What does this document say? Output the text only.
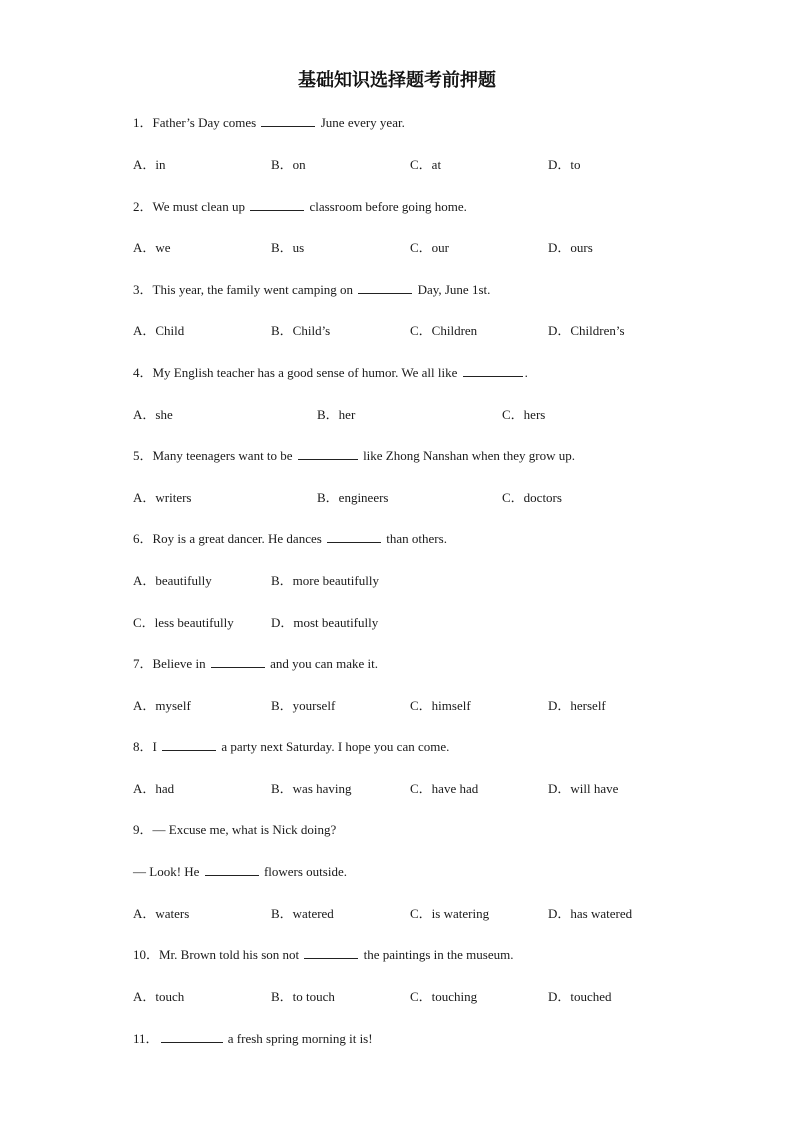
基础知识选择题考前押题
1．Father’s Day comes	June every year.
A．in	B．on	C．at	D．to
2．We must clean up	classroom before going home.
A．we	B．us	C．our	D．ours
3．This year, the family went camping on	Day, June 1st.
A．Child	B．Child’s	C．Children	D．Children’s
4．My English teacher has a good sense of humor. We all like	.
A．she	B．her	C．hers
5．Many teenagers want to be	like Zhong Nanshan when they grow up.
A．writers	B．engineers	C．doctors
6．Roy is a great dancer. He dances	than others.
A．beautifully	B．more beautifully
C．less beautifully	D．most beautifully
7．Believe in	and you can make it.
A．myself	B．yourself	C．himself	D．herself
8．I	a party next Saturday. I hope you can come.
A．had	B．was having	C．have had	D．will have
9．— Excuse me, what is Nick doing?
— Look! He	flowers outside.
A．waters	B．watered	C．is watering	D．has watered
10．Mr. Brown told his son not	the paintings in the museum.
A．touch	B．to touch	C．touching	D．touched
11．	a fresh spring morning it is!
